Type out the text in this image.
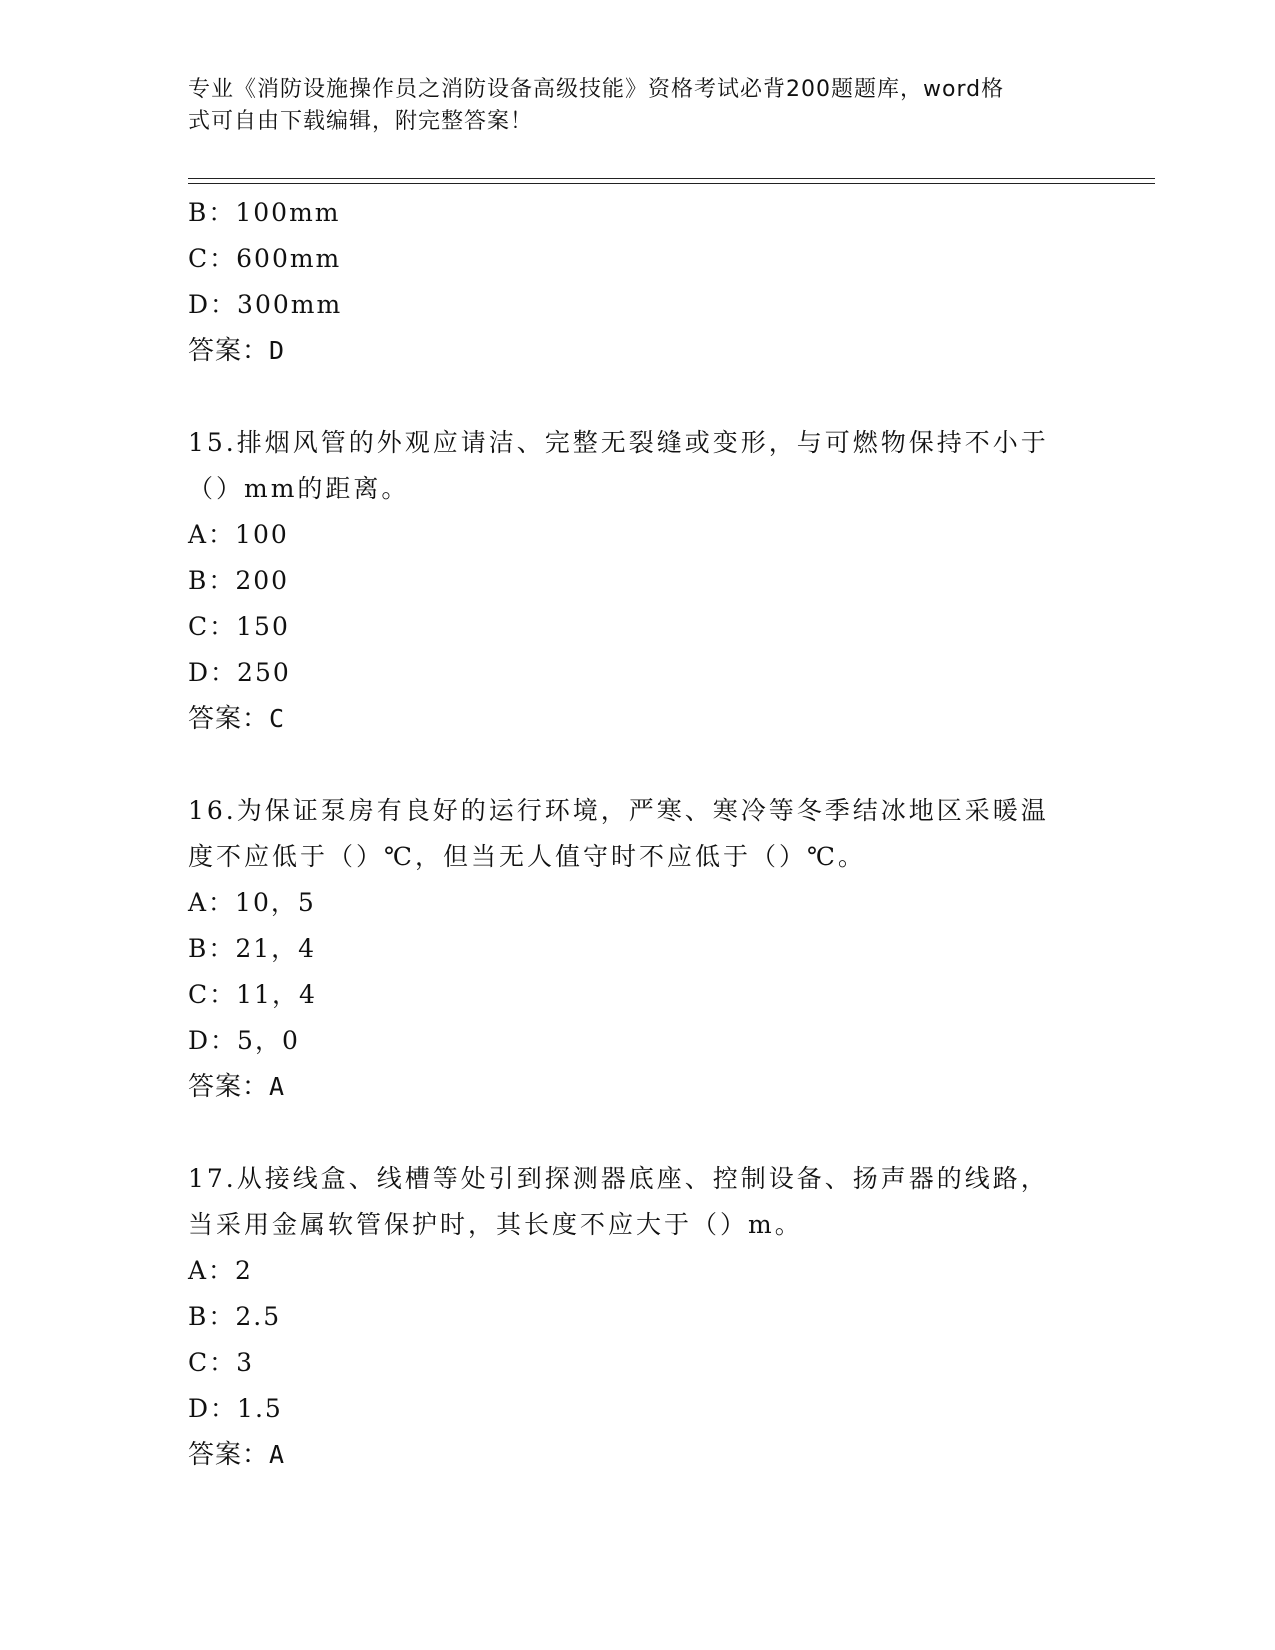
专业《消防设施操作员之消防设备高级技能》资格考试必背200题题库，word格
式可自由下载编辑，附完整答案！
B：100mm
C：600mm
D：300mm
答案：D
15.排烟风管的外观应请洁、完整无裂缝或变形，与可燃物保持不小于
（）mm的距离。
A：100
B：200
C：150
D：250
答案：C
16.为保证泵房有良好的运行环境，严寒、寒冷等冬季结冰地区采暖温
度不应低于（）℃，但当无人值守时不应低于（）℃。
A：10，5
B：21，4
C：11，4
D：5，0
答案：A
17.从接线盒、线槽等处引到探测器底座、控制设备、扬声器的线路，
当采用金属软管保护时，其长度不应大于（）m。
A：2
B：2.5
C：3
D：1.5
答案：A
